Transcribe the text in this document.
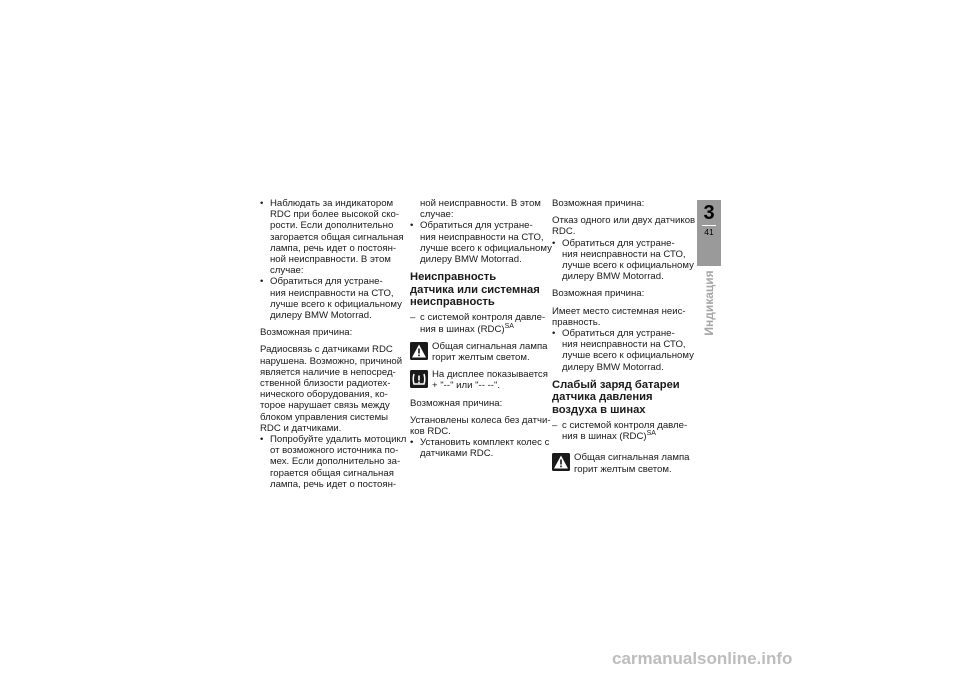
• Наблюдать за индикатором
RDC при более высокой ско-
рости. Если дополнительно
загорается общая сигнальная
лампа, речь идет о постоян-
ной неисправности. В этом
случае:
• Обратиться для устране-
ния неисправности на СТО,
лучше всего к официальному
дилеру BMW Motorrad.
Возможная причина:
Радиосвязь с датчиками RDC
нарушена. Возможно, причиной
является наличие в непосред-
ственной близости радиотех-
нического оборудования, ко-
торое нарушает связь между
блоком управления системы
RDC и датчиками.
• Попробуйте удалить мотоцикл
от возможного источника по-
мех. Если дополнительно за-
горается общая сигнальная
лампа, речь идет о постоян-
ной неисправности. В этом
случае:
• Обратиться для устране-
ния неисправности на СТО,
лучше всего к официальному
дилеру BMW Motorrad.
Неисправность
датчика или системная
неисправность
– с системой контроля давле-
ния в шинах (RDC)$^{SA}$
Общая сигнальная лампа
горит желтым светом.
На дисплее показывается
+ "--" или "-- --".
Возможная причина:
Установлены колеса без датчи-
ков RDC.
• Установить комплект колес с
датчиками RDC.
Возможная причина:
Отказ одного или двух датчиков
RDC.
• Обратиться для устране-
ния неисправности на СТО,
лучше всего к официальному
дилеру BMW Motorrad.
Возможная причина:
Имеет место системная неис-
правность.
• Обратиться для устране-
ния неисправности на СТО,
лучше всего к официальному
дилеру BMW Motorrad.
Слабый заряд батареи
датчика давления
воздуха в шинах
– с системой контроля давле-
ния в шинах (RDC)$^{SA}$
Общая сигнальная лампа
горит желтым светом.
3
41
Индикация
carmanualsonline.info
